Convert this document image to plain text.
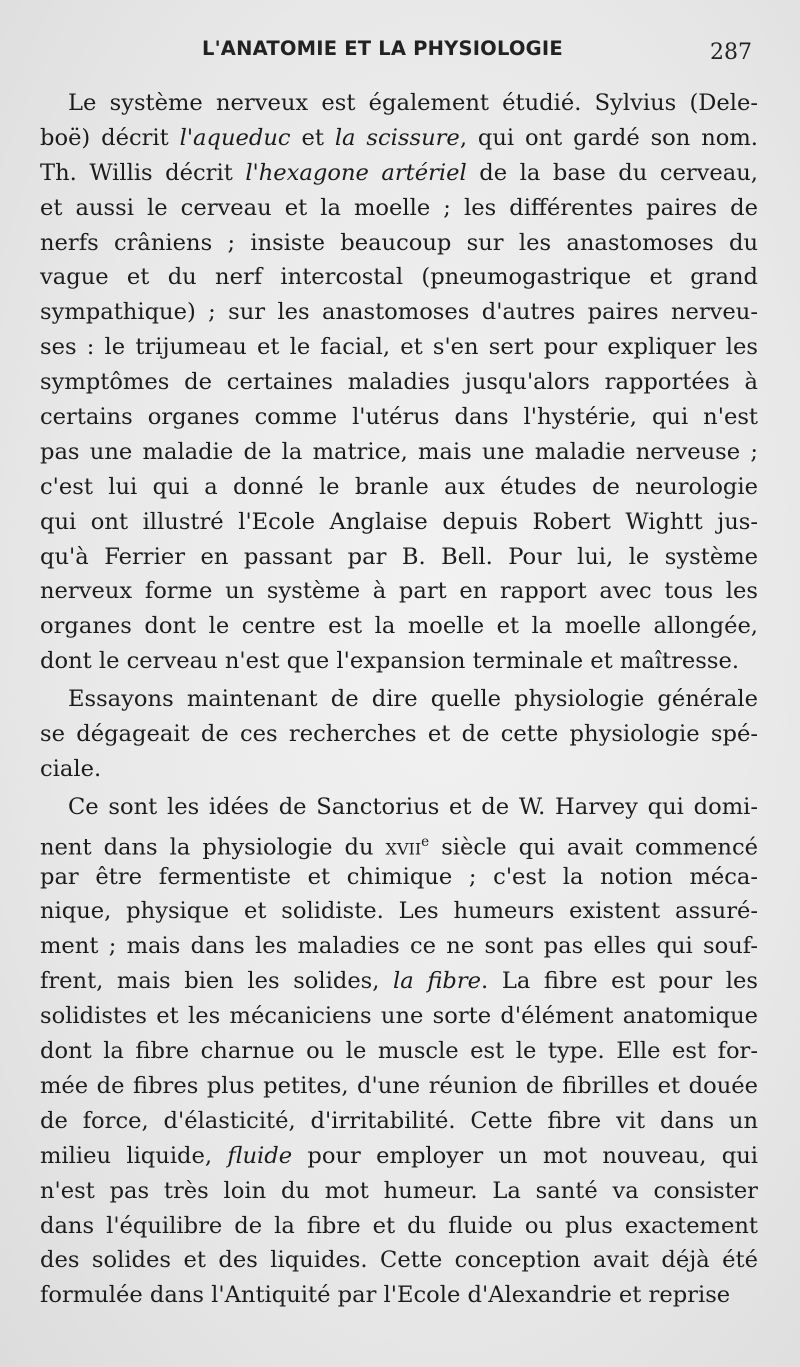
L'ANATOMIE ET LA PHYSIOLOGIE	287
Le système nerveux est également étudié. Sylvius (Dele-
boë) décrit l'aqueduc et la scissure, qui ont gardé son nom.
Th. Willis décrit l'hexagone artériel de la base du cerveau,
et aussi le cerveau et la moelle ; les différentes paires de
nerfs crâniens ; insiste beaucoup sur les anastomoses du
vague et du nerf intercostal (pneumogastrique et grand
sympathique) ; sur les anastomoses d'autres paires nerveu-
ses : le trijumeau et le facial, et s'en sert pour expliquer les
symptômes de certaines maladies jusqu'alors rapportées à
certains organes comme l'utérus dans l'hystérie, qui n'est
pas une maladie de la matrice, mais une maladie nerveuse ;
c'est lui qui a donné le branle aux études de neurologie
qui ont illustré l'Ecole Anglaise depuis Robert Wightt jus-
qu'à Ferrier en passant par B. Bell. Pour lui, le système
nerveux forme un système à part en rapport avec tous les
organes dont le centre est la moelle et la moelle allongée,
dont le cerveau n'est que l'expansion terminale et maîtresse.
Essayons maintenant de dire quelle physiologie générale
se dégageait de ces recherches et de cette physiologie spé-
ciale.
Ce sont les idées de Sanctorius et de W. Harvey qui domi-
nent dans la physiologie du xvii$^e$ siècle qui avait commencé
par être fermentiste et chimique ; c'est la notion méca-
nique, physique et solidiste. Les humeurs existent assuré-
ment ; mais dans les maladies ce ne sont pas elles qui souf-
frent, mais bien les solides, la fibre. La fibre est pour les
solidistes et les mécaniciens une sorte d'élément anatomique
dont la fibre charnue ou le muscle est le type. Elle est for-
mée de fibres plus petites, d'une réunion de fibrilles et douée
de force, d'élasticité, d'irritabilité. Cette fibre vit dans un
milieu liquide, fluide pour employer un mot nouveau, qui
n'est pas très loin du mot humeur. La santé va consister
dans l'équilibre de la fibre et du fluide ou plus exactement
des solides et des liquides. Cette conception avait déjà été
formulée dans l'Antiquité par l'Ecole d'Alexandrie et reprise
